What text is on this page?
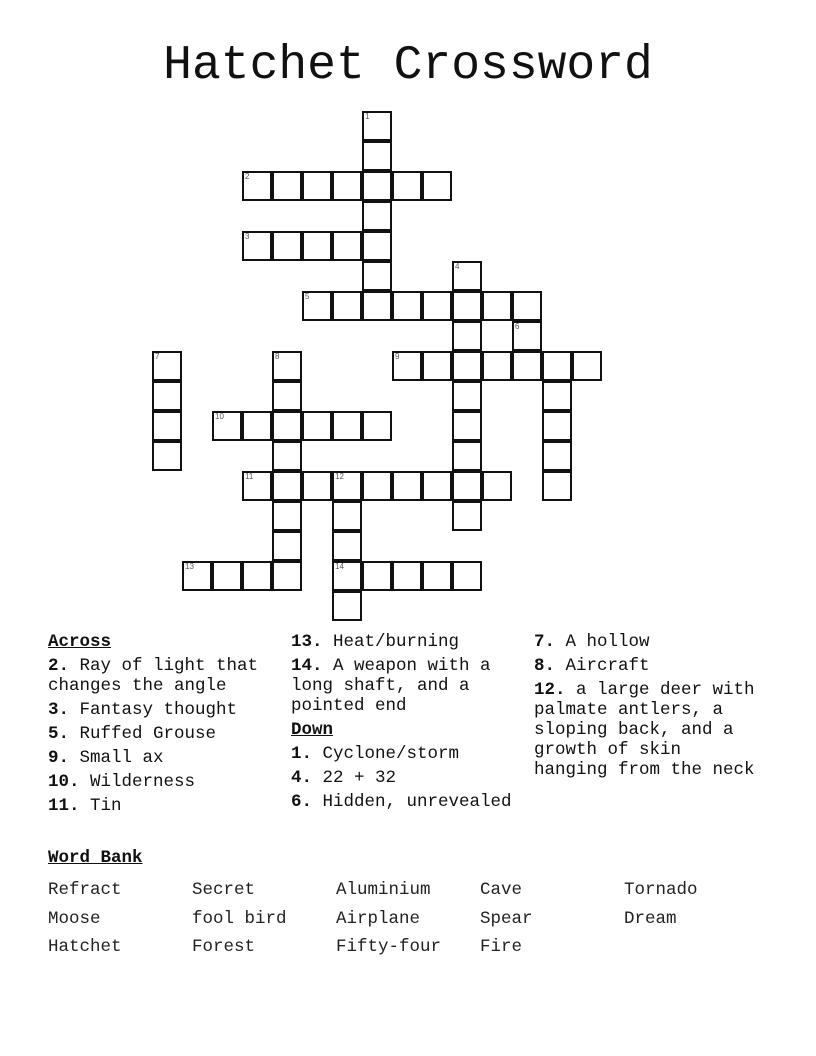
Hatchet Crossword
1
2
3
4
5
6
7	8	9
10
11	12
13	14
Across
2. Ray of light that changes the angle
3. Fantasy thought
5. Ruffed Grouse
9. Small ax
10. Wilderness
11. Tin
13. Heat/burning
14. A weapon with a long shaft, and a pointed end
Down
1. Cyclone/storm
4. 22 + 32
6. Hidden, unrevealed
7. A hollow
8. Aircraft
12. a large deer with palmate antlers, a sloping back, and a growth of skin hanging from the neck
Word Bank
Refract	Secret	Aluminium	Cave	Tornado
Moose	fool bird	Airplane	Spear	Dream
Hatchet	Forest	Fifty-four	Fire
